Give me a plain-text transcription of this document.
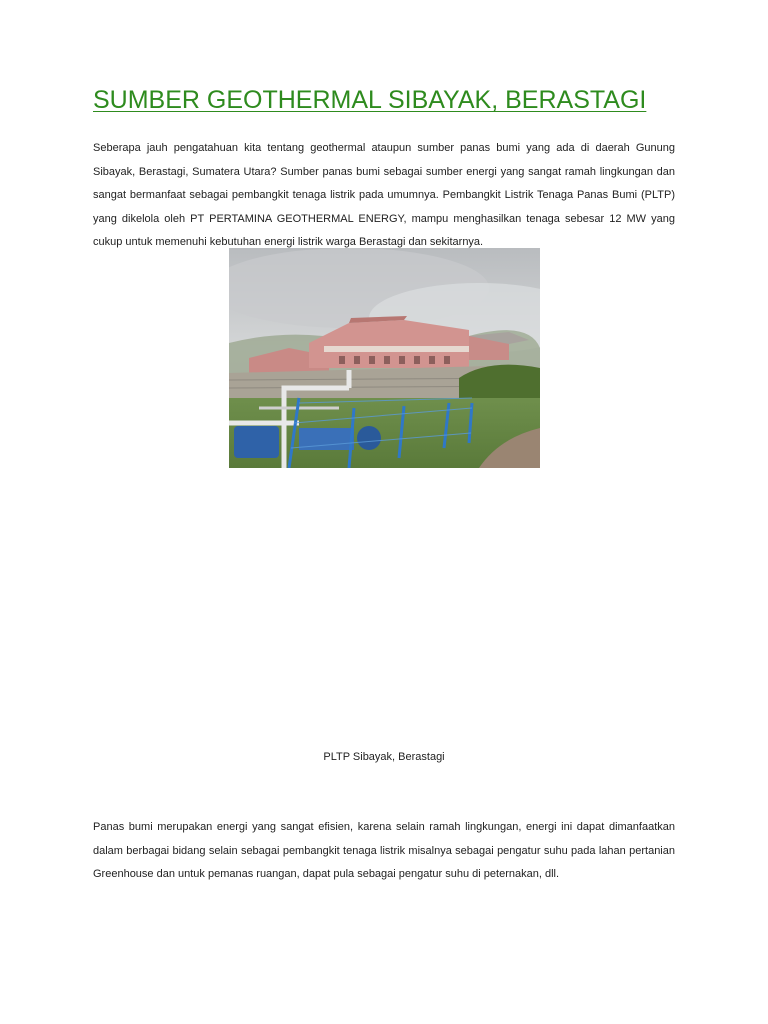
SUMBER GEOTHERMAL SIBAYAK, BERASTAGI

Seberapa jauh pengatahuan kita tentang geothermal ataupun sumber panas bumi yang ada di daerah Gunung Sibayak, Berastagi, Sumatera Utara? Sumber panas bumi sebagai sumber energi yang sangat ramah lingkungan dan sangat bermanfaat sebagai pembangkit tenaga listrik pada umumnya. Pembangkit Listrik Tenaga Panas Bumi (PLTP) yang dikelola oleh PT PERTAMINA GEOTHERMAL ENERGY, mampu menghasilkan tenaga sebesar 12 MW yang cukup untuk memenuhi kebutuhan energi listrik warga Berastagi dan sekitarnya.

PLTP Sibayak, Berastagi

Panas bumi merupakan energi yang sangat efisien, karena selain ramah lingkungan, energi ini dapat dimanfaatkan dalam berbagai bidang selain sebagai pembangkit tenaga listrik misalnya sebagai pengatur suhu pada lahan pertanian Greenhouse dan untuk pemanas ruangan, dapat pula sebagai pengatur suhu di peternakan, dll.
